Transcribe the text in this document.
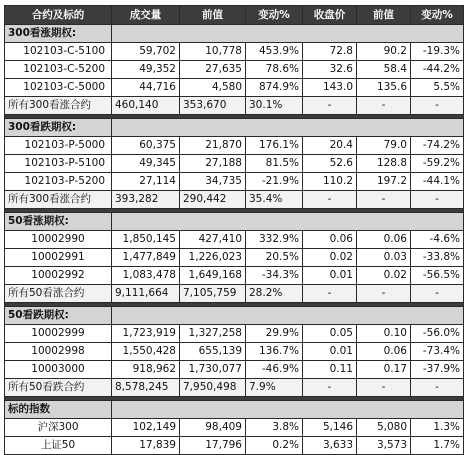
合约及标的	成交量	前值	变动%	收盘价	前值	变动%
300看涨期权:						
102103-C-5100	59,702	10,778	453.9%	72.8	90.2	-19.3%
102103-C-5200	49,352	27,635	78.6%	32.6	58.4	-44.2%
102103-C-5000	44,716	4,580	874.9%	143.0	135.6	5.5%
所有300看涨合约	460,140	353,670	30.1%	-	-	-

300看跌期权:						
102103-P-5000	60,375	21,870	176.1%	20.4	79.0	-74.2%
102103-P-5100	49,345	27,188	81.5%	52.6	128.8	-59.2%
102103-P-5200	27,114	34,735	-21.9%	110.2	197.2	-44.1%
所有300看涨合约	393,282	290,442	35.4%	-	-	-

50看涨期权:						
10002990	1,850,145	427,410	332.9%	0.06	0.06	-4.6%
10002991	1,477,849	1,226,023	20.5%	0.02	0.03	-33.8%
10002992	1,083,478	1,649,168	-34.3%	0.01	0.02	-56.5%
所有50看涨合约	9,111,664	7,105,759	28.2%	-	-	-

50看跌期权:						
10002999	1,723,919	1,327,258	29.9%	0.05	0.10	-56.0%
10002998	1,550,428	655,139	136.7%	0.01	0.06	-73.4%
10003000	918,962	1,730,077	-46.9%	0.11	0.17	-37.9%
所有50看跌合约	8,578,245	7,950,498	7.9%	-	-	-

标的指数						
沪深300	102,149	98,409	3.8%	5,146	5,080	1.3%
上证50	17,839	17,796	0.2%	3,633	3,573	1.7%
